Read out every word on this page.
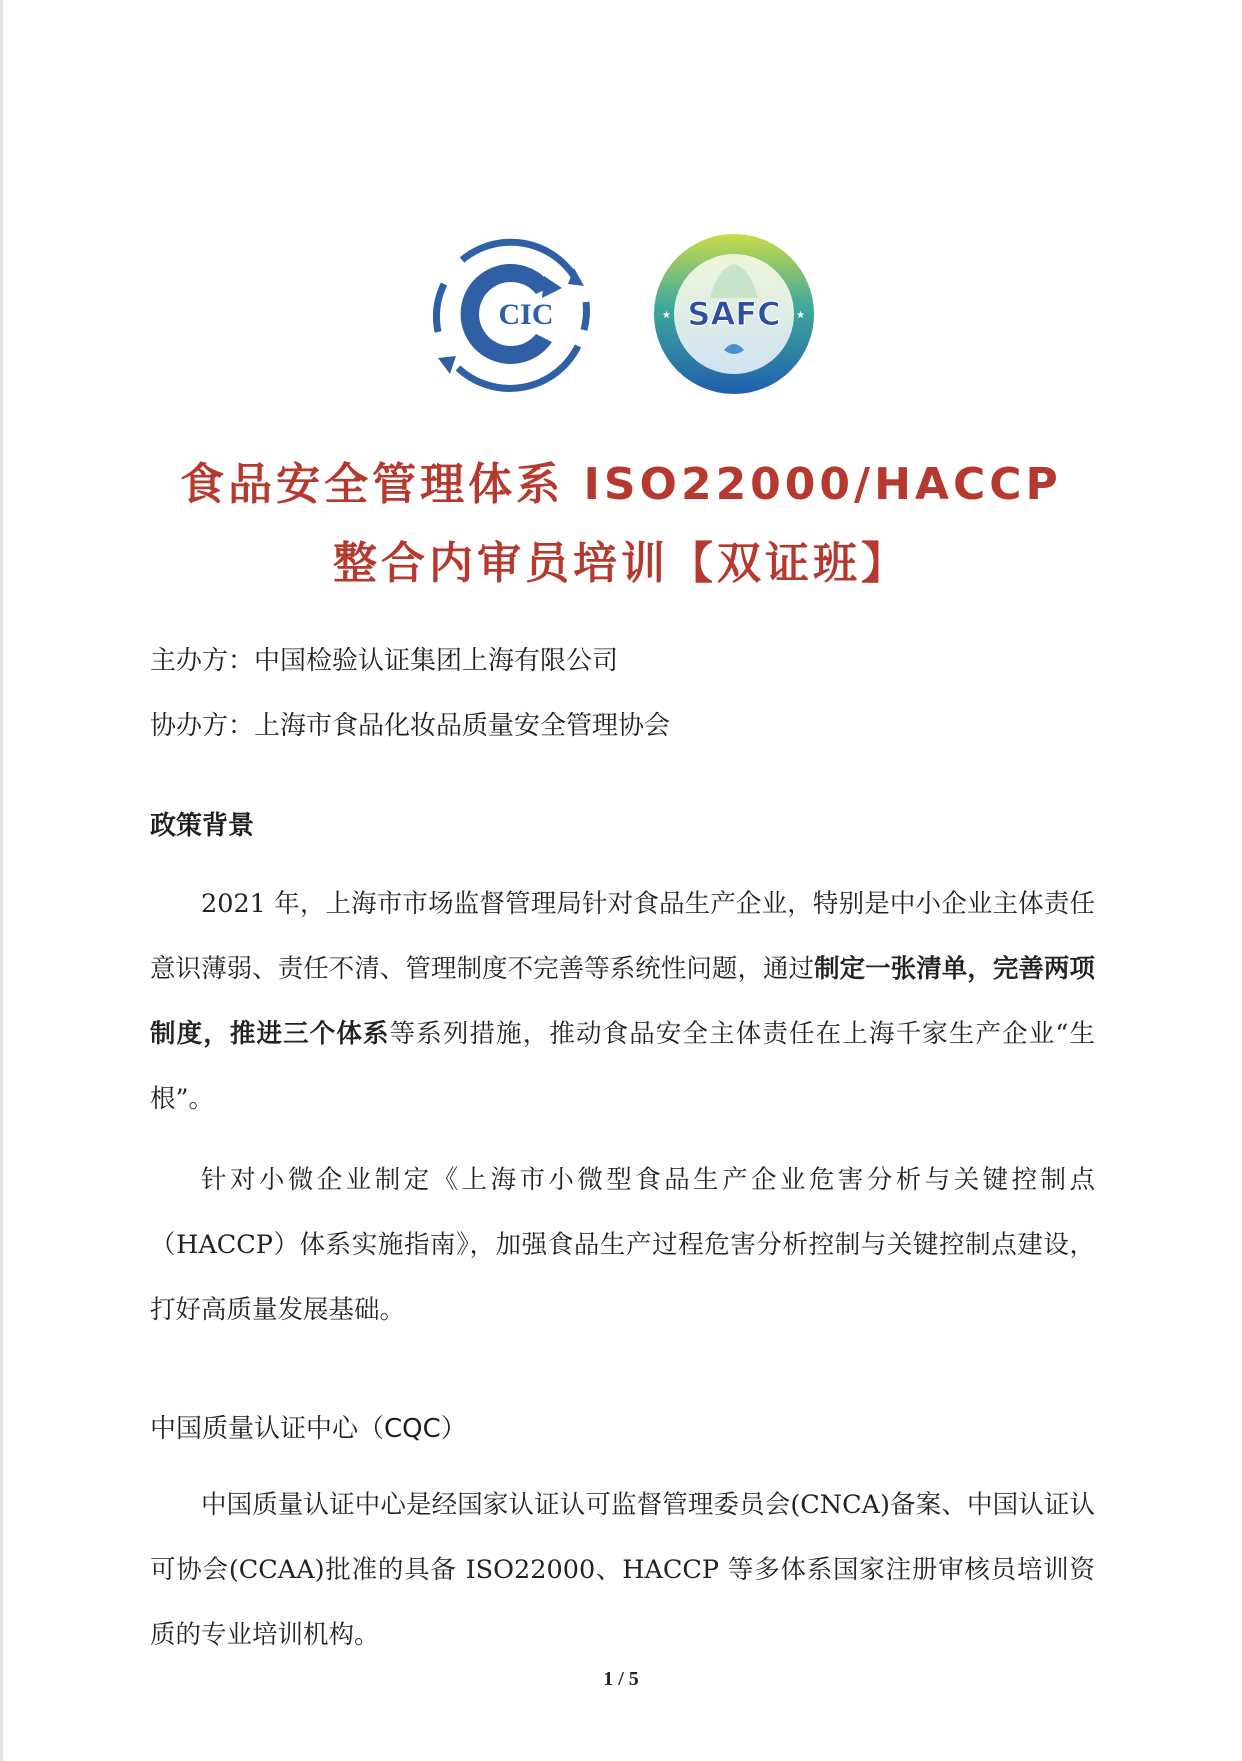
CIC	SAFC
★	★
食品安全管理体系 ISO22000/HACCP
整合内审员培训【双证班】
主办方：中国检验认证集团上海有限公司
协办方：上海市食品化妆品质量安全管理协会
政策背景
2021 年，上海市市场监督管理局针对食品生产企业，特别是中小企业主体责任意识薄弱、责任不清、管理制度不完善等系统性问题，通过制定一张清单，完善两项制度，推进三个体系等系列措施，推动食品安全主体责任在上海千家生产企业“生根”。
针对小微企业制定《上海市小微型食品生产企业危害分析与关键控制点（HACCP）体系实施指南》，加强食品生产过程危害分析控制与关键控制点建设，打好高质量发展基础。
中国质量认证中心（CQC）
中国质量认证中心是经国家认证认可监督管理委员会(CNCA)备案、中国认证认可协会(CCAA)批准的具备 ISO22000、HACCP 等多体系国家注册审核员培训资质的专业培训机构。
1 / 5
